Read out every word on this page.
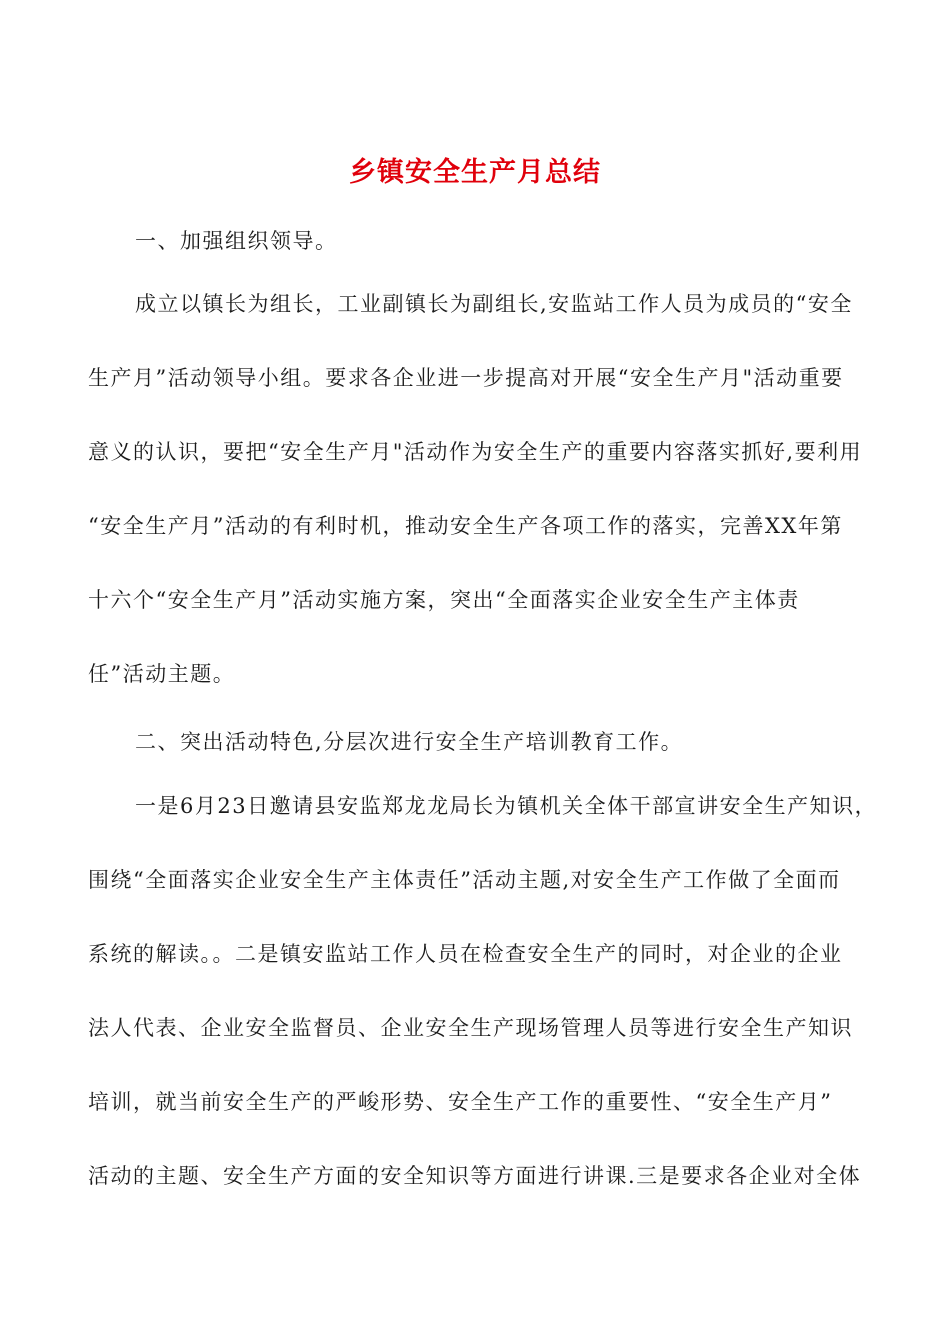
乡镇安全生产月总结
一、加强组织领导。
成立以镇长为组长，工业副镇长为副组长,安监站工作人员为成员的“安全
生产月”活动领导小组。要求各企业进一步提高对开展“安全生产月"活动重要
意义的认识，要把“安全生产月"活动作为安全生产的重要内容落实抓好,要利用
“安全生产月”活动的有利时机，推动安全生产各项工作的落实，完善XX年第
十六个“安全生产月”活动实施方案，突出“全面落实企业安全生产主体责
任”活动主题。
二、突出活动特色,分层次进行安全生产培训教育工作。
一是6月23日邀请县安监郑龙龙局长为镇机关全体干部宣讲安全生产知识，
围绕“全面落实企业安全生产主体责任”活动主题,对安全生产工作做了全面而
系统的解读。。二是镇安监站工作人员在检查安全生产的同时，对企业的企业
法人代表、企业安全监督员、企业安全生产现场管理人员等进行安全生产知识
培训，就当前安全生产的严峻形势、安全生产工作的重要性、“安全生产月”
活动的主题、安全生产方面的安全知识等方面进行讲课.三是要求各企业对全体
